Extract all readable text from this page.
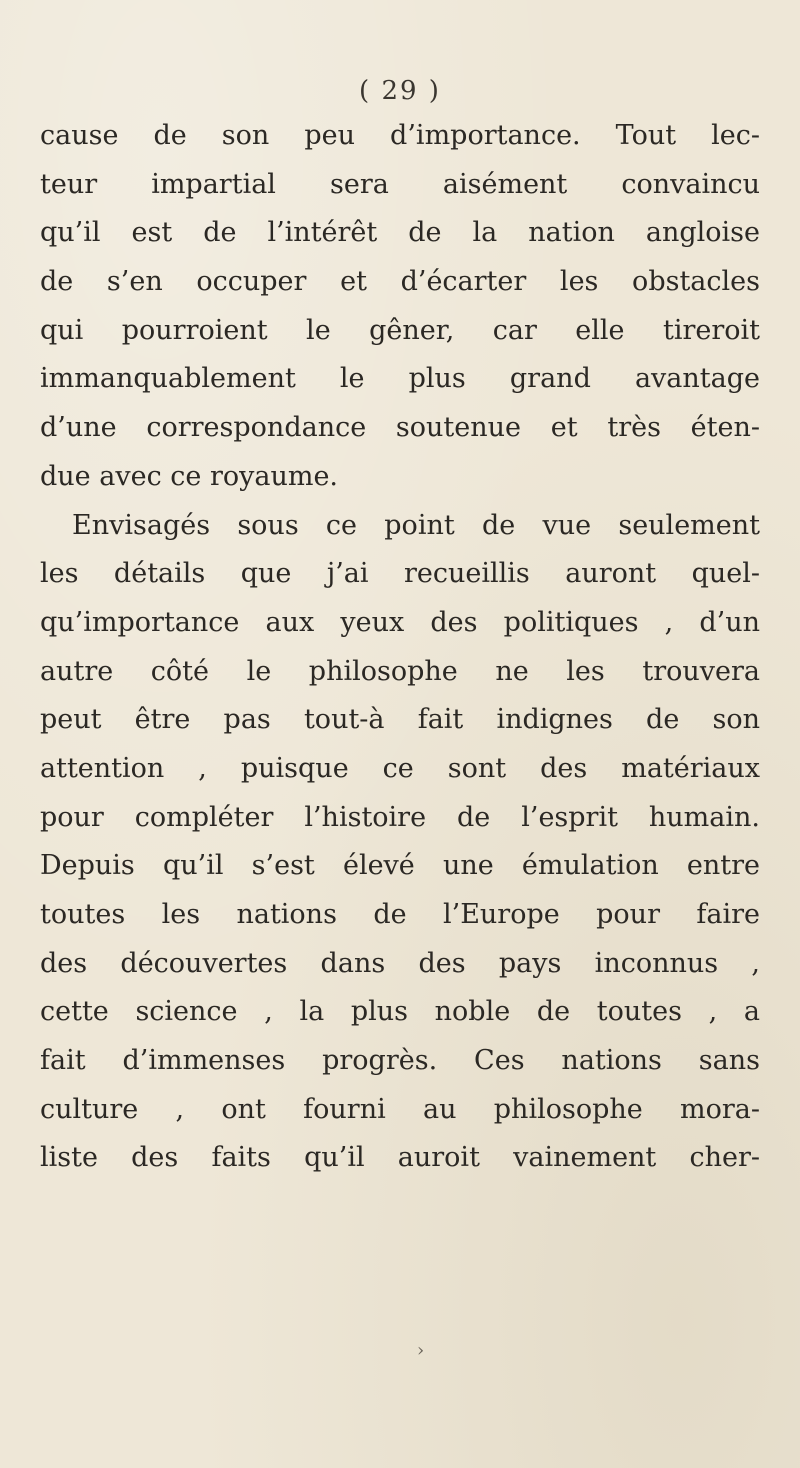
( 29 )
cause de son peu d’importance. Tout lec-
teur impartial sera aisément convaincu
qu’il est de l’intérêt de la nation angloise
de s’en occuper et d’écarter les obstacles
qui pourroient le gêner, car elle tireroit
immanquablement le plus grand avantage
d’une correspondance soutenue et très éten-
due avec ce royaume.
Envisagés sous ce point de vue seulement
les détails que j’ai recueillis auront quel-
qu’importance aux yeux des politiques , d’un
autre côté le philosophe ne les trouvera
peut être pas tout-à fait indignes de son
attention , puisque ce sont des matériaux
pour compléter l’histoire de l’esprit humain.
Depuis qu’il s’est élevé une émulation entre
toutes les nations de l’Europe pour faire
des découvertes dans des pays inconnus ,
cette science , la plus noble de toutes , a
fait d’immenses progrès. Ces nations sans
culture , ont fourni au philosophe mora-
liste des faits qu’il auroit vainement cher-
›
